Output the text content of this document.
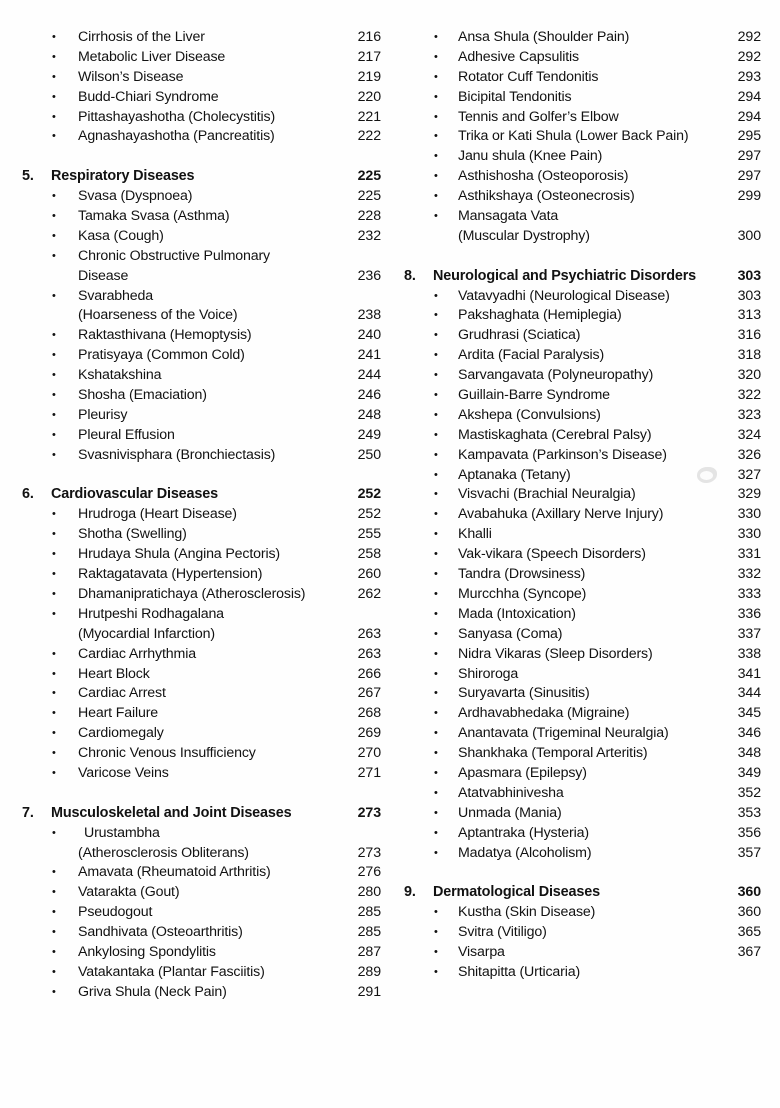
• Cirrhosis of the Liver	216
• Metabolic Liver Disease	217
• Wilson’s Disease	219
• Budd-Chiari Syndrome	220
• Pittashayashotha (Cholecystitis)	221
• Agnashayashotha (Pancreatitis)	222
5. Respiratory Diseases	225
• Svasa (Dyspnoea)	225
• Tamaka Svasa (Asthma)	228
• Kasa (Cough)	232
• Chronic Obstructive Pulmonary
Disease	236
• Svarabheda
(Hoarseness of the Voice)	238
• Raktasthivana (Hemoptysis)	240
• Pratisyaya (Common Cold)	241
• Kshatakshina	244
• Shosha (Emaciation)	246
• Pleurisy	248
• Pleural Effusion	249
• Svasnivisphara (Bronchiectasis)	250
6. Cardiovascular Diseases	252
• Hrudroga (Heart Disease)	252
• Shotha (Swelling)	255
• Hrudaya Shula (Angina Pectoris)	258
• Raktagatavata (Hypertension)	260
• Dhamanipratichaya (Atherosclerosis)	262
• Hrutpeshi Rodhagalana
(Myocardial Infarction)	263
• Cardiac Arrhythmia	263
• Heart Block	266
• Cardiac Arrest	267
• Heart Failure	268
• Cardiomegaly	269
• Chronic Venous Insufficiency	270
• Varicose Veins	271
7. Musculoskeletal and Joint Diseases	273
• Urustambha
(Atherosclerosis Obliterans)	273
• Amavata (Rheumatoid Arthritis)	276
• Vatarakta (Gout)	280
• Pseudogout	285
• Sandhivata (Osteoarthritis)	285
• Ankylosing Spondylitis	287
• Vatakantaka (Plantar Fasciitis)	289
• Griva Shula (Neck Pain)	291
• Ansa Shula (Shoulder Pain)	292
• Adhesive Capsulitis	292
• Rotator Cuff Tendonitis	293
• Bicipital Tendonitis	294
• Tennis and Golfer’s Elbow	294
• Trika or Kati Shula (Lower Back Pain)	295
• Janu shula (Knee Pain)	297
• Asthishosha (Osteoporosis)	297
• Asthikshaya (Osteonecrosis)	299
• Mansagata Vata
(Muscular Dystrophy)	300
8. Neurological and Psychiatric Disorders	303
• Vatavyadhi (Neurological Disease)	303
• Pakshaghata (Hemiplegia)	313
• Grudhrasi (Sciatica)	316
• Ardita (Facial Paralysis)	318
• Sarvangavata (Polyneuropathy)	320
• Guillain-Barre Syndrome	322
• Akshepa (Convulsions)	323
• Mastiskaghata (Cerebral Palsy)	324
• Kampavata (Parkinson’s Disease)	326
• Aptanaka (Tetany)	327
• Visvachi (Brachial Neuralgia)	329
• Avabahuka (Axillary Nerve Injury)	330
• Khalli	330
• Vak-vikara (Speech Disorders)	331
• Tandra (Drowsiness)	332
• Murcchha (Syncope)	333
• Mada (Intoxication)	336
• Sanyasa (Coma)	337
• Nidra Vikaras (Sleep Disorders)	338
• Shiroroga	341
• Suryavarta (Sinusitis)	344
• Ardhavabhedaka (Migraine)	345
• Anantavata (Trigeminal Neuralgia)	346
• Shankhaka (Temporal Arteritis)	348
• Apasmara (Epilepsy)	349
• Atatvabhinivesha	352
• Unmada (Mania)	353
• Aptantraka (Hysteria)	356
• Madatya (Alcoholism)	357
9. Dermatological Diseases	360
• Kustha (Skin Disease)	360
• Svitra (Vitiligo)	365
• Visarpa	367
• Shitapitta (Urticaria)
